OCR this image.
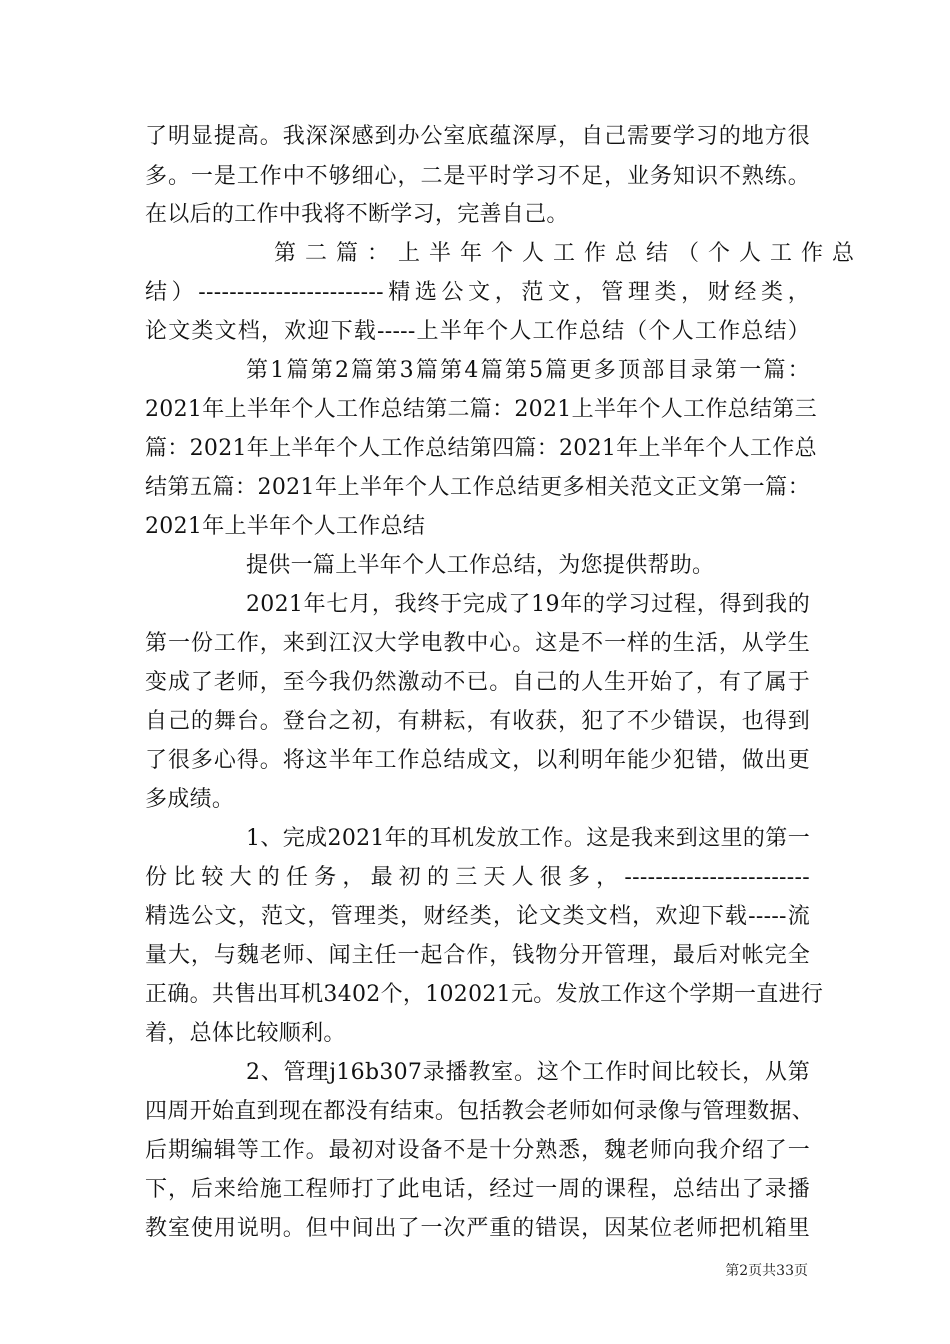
了明显提高。我深深感到办公室底蕴深厚，自己需要学习的地方很
多。一是工作中不够细心，二是平时学习不足，业务知识不熟练。
在以后的工作中我将不断学习，完善自己。
第二篇：上半年个人工作总结（个人工作总
结）------------------------精选公文，范文，管理类，财经类，
论文类文档，欢迎下载-----上半年个人工作总结（个人工作总结）
第1篇第2篇第3篇第4篇第5篇更多顶部目录第一篇：
2021年上半年个人工作总结第二篇：2021上半年个人工作总结第三
篇：2021年上半年个人工作总结第四篇：2021年上半年个人工作总
结第五篇：2021年上半年个人工作总结更多相关范文正文第一篇：
2021年上半年个人工作总结
提供一篇上半年个人工作总结，为您提供帮助。
2021年七月，我终于完成了19年的学习过程，得到我的
第一份工作，来到江汉大学电教中心。这是不一样的生活，从学生
变成了老师，至今我仍然激动不已。自己的人生开始了，有了属于
自己的舞台。登台之初，有耕耘，有收获，犯了不少错误，也得到
了很多心得。将这半年工作总结成文，以利明年能少犯错，做出更
多成绩。
1、完成2021年的耳机发放工作。这是我来到这里的第一
份比较大的任务，最初的三天人很多，------------------------
精选公文，范文，管理类，财经类，论文类文档，欢迎下载-----流
量大，与魏老师、闻主任一起合作，钱物分开管理，最后对帐完全
正确。共售出耳机3402个，102021元。发放工作这个学期一直进行
着，总体比较顺利。
2、管理j16b307录播教室。这个工作时间比较长，从第
四周开始直到现在都没有结束。包括教会老师如何录像与管理数据、
后期编辑等工作。最初对设备不是十分熟悉，魏老师向我介绍了一
下，后来给施工程师打了此电话，经过一周的课程，总结出了录播
教室使用说明。但中间出了一次严重的错误，因某位老师把机箱里
第2页共33页
